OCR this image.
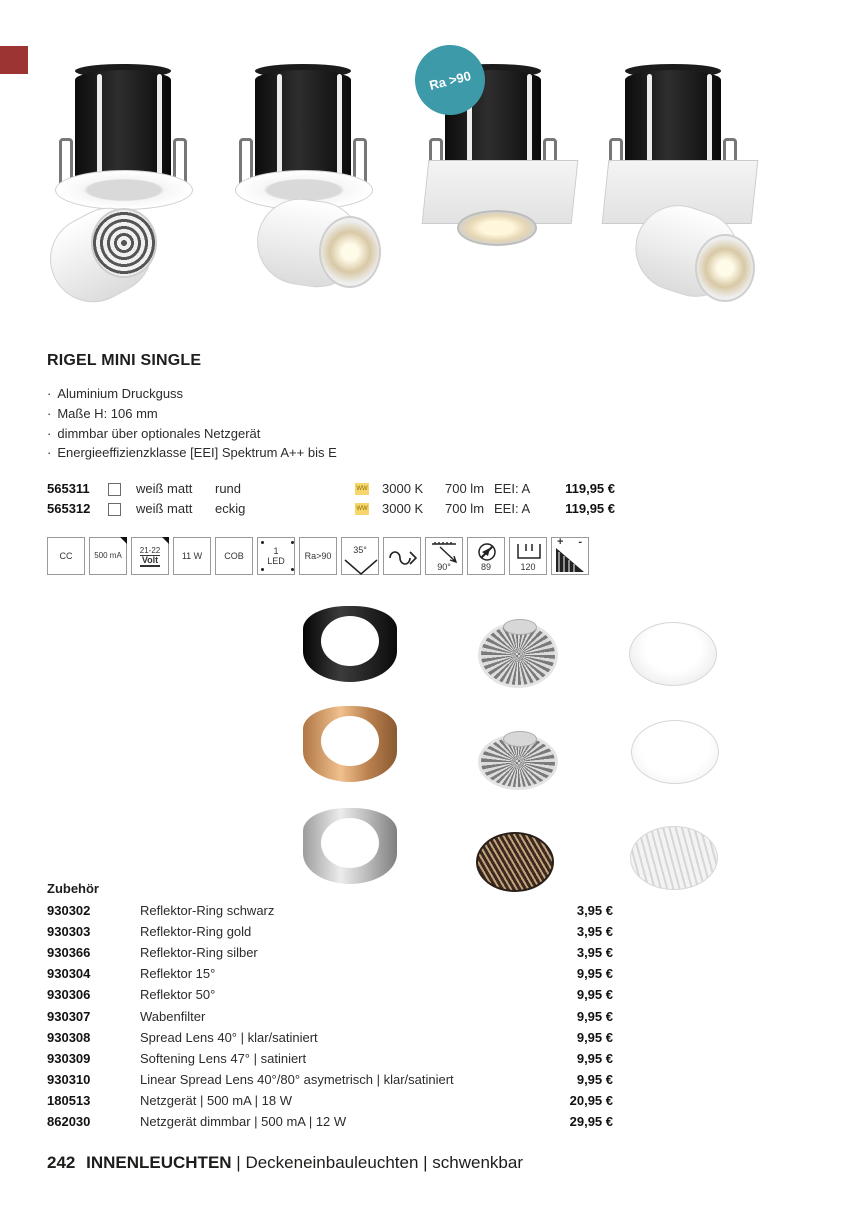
Ra >90
RIGEL MINI SINGLE
· Aluminium Druckguss
· Maße H: 106 mm
· dimmbar über optionales Netzgerät
· Energieeffizienzklasse [EEI] Spektrum A++ bis E
565311	weiß matt rund	WW 3000 K 700 lm EEI: A	119,95 €
565312	weiß matt eckig	WW 3000 K 700 lm EEI: A	119,95 €
CC	500 mA
21-22
Volt	11 W COB	1
LED Ra>90
35°
90°	89	120
+ -
Zubehör
930302	Reflektor-Ring schwarz	3,95 €
930303	Reflektor-Ring gold	3,95 €
930366	Reflektor-Ring silber	3,95 €
930304	Reflektor 15°	9,95 €
930306	Reflektor 50°	9,95 €
930307	Wabenfilter	9,95 €
930308	Spread Lens 40° | klar/satiniert	9,95 €
930309	Softening Lens 47° | satiniert	9,95 €
930310	Linear Spread Lens 40°/80° asymetrisch | klar/satiniert	9,95 €
180513	Netzgerät | 500 mA | 18 W	20,95 €
862030	Netzgerät dimmbar | 500 mA | 12 W	29,95 €
242 INNENLEUCHTEN | Deckeneinbauleuchten | schwenkbar
